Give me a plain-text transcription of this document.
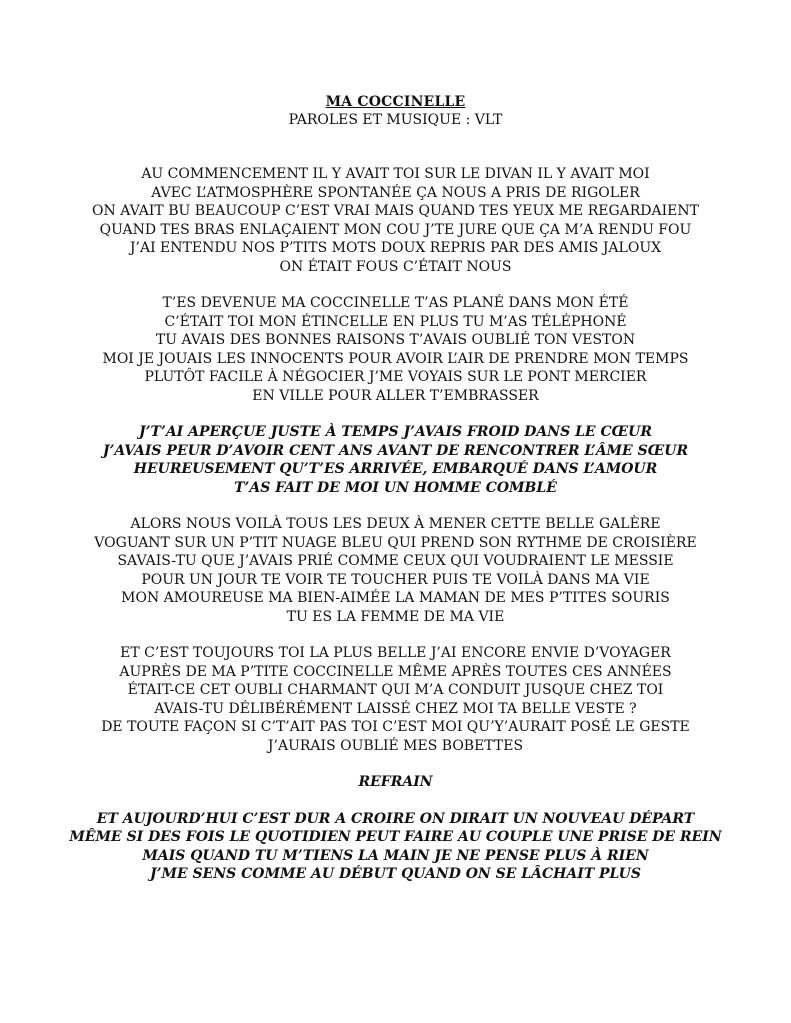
MA COCCINELLE
PAROLES ET MUSIQUE : VLT
AU COMMENCEMENT IL Y AVAIT TOI SUR LE DIVAN IL Y AVAIT MOI
AVEC L’ATMOSPHÈRE SPONTANÉE ÇA NOUS A PRIS DE RIGOLER
ON AVAIT BU BEAUCOUP C’EST VRAI MAIS QUAND TES YEUX ME REGARDAIENT
QUAND TES BRAS ENLAÇAIENT MON COU J’TE JURE QUE ÇA M’A RENDU FOU
J’AI ENTENDU NOS P’TITS MOTS DOUX REPRIS PAR DES AMIS JALOUX
ON ÉTAIT FOUS C’ÉTAIT NOUS
T’ES DEVENUE MA COCCINELLE T’AS PLANÉ DANS MON ÉTÉ
C’ÉTAIT TOI MON ÉTINCELLE EN PLUS TU M’AS TÉLÉPHONÉ
TU AVAIS DES BONNES RAISONS T’AVAIS OUBLIÉ TON VESTON
MOI JE JOUAIS LES INNOCENTS POUR AVOIR L’AIR DE PRENDRE MON TEMPS
PLUTÔT FACILE À NÉGOCIER J’ME VOYAIS SUR LE PONT MERCIER
EN VILLE POUR ALLER T’EMBRASSER
J’T’AI APERÇUE JUSTE À TEMPS J’AVAIS FROID DANS LE CŒUR
J’AVAIS PEUR D’AVOIR CENT ANS AVANT DE RENCONTRER L’ÂME SŒUR
HEUREUSEMENT QU’T’ES ARRIVÉE, EMBARQUÉ DANS L’AMOUR
T’AS FAIT DE MOI UN HOMME COMBLÉ
ALORS NOUS VOILÀ TOUS LES DEUX À MENER CETTE BELLE GALÈRE
VOGUANT SUR UN P’TIT NUAGE BLEU QUI PREND SON RYTHME DE CROISIÈRE
SAVAIS-TU QUE J’AVAIS PRIÉ COMME CEUX QUI VOUDRAIENT LE MESSIE
POUR UN JOUR TE VOIR TE TOUCHER PUIS TE VOILÀ DANS MA VIE
MON AMOUREUSE MA BIEN-AIMÉE LA MAMAN DE MES P’TITES SOURIS
TU ES LA FEMME DE MA VIE
ET C’EST TOUJOURS TOI LA PLUS BELLE J’AI ENCORE ENVIE D’VOYAGER
AUPRÈS DE MA P’TITE COCCINELLE MÊME APRÈS TOUTES CES ANNÉES
ÉTAIT-CE CET OUBLI CHARMANT QUI M’A CONDUIT JUSQUE CHEZ TOI
AVAIS-TU DÉLIBÉRÉMENT LAISSÉ CHEZ MOI TA BELLE VESTE ?
DE TOUTE FAÇON SI C’T’AIT PAS TOI C’EST MOI QU’Y’AURAIT POSÉ LE GESTE
J’AURAIS OUBLIÉ MES BOBETTES
REFRAIN
ET AUJOURD’HUI C’EST DUR A CROIRE ON DIRAIT UN NOUVEAU DÉPART
MÊME SI DES FOIS LE QUOTIDIEN PEUT FAIRE AU COUPLE UNE PRISE DE REIN
MAIS QUAND TU M’TIENS LA MAIN JE NE PENSE PLUS À RIEN
J’ME SENS COMME AU DÉBUT QUAND ON SE LÂCHAIT PLUS
